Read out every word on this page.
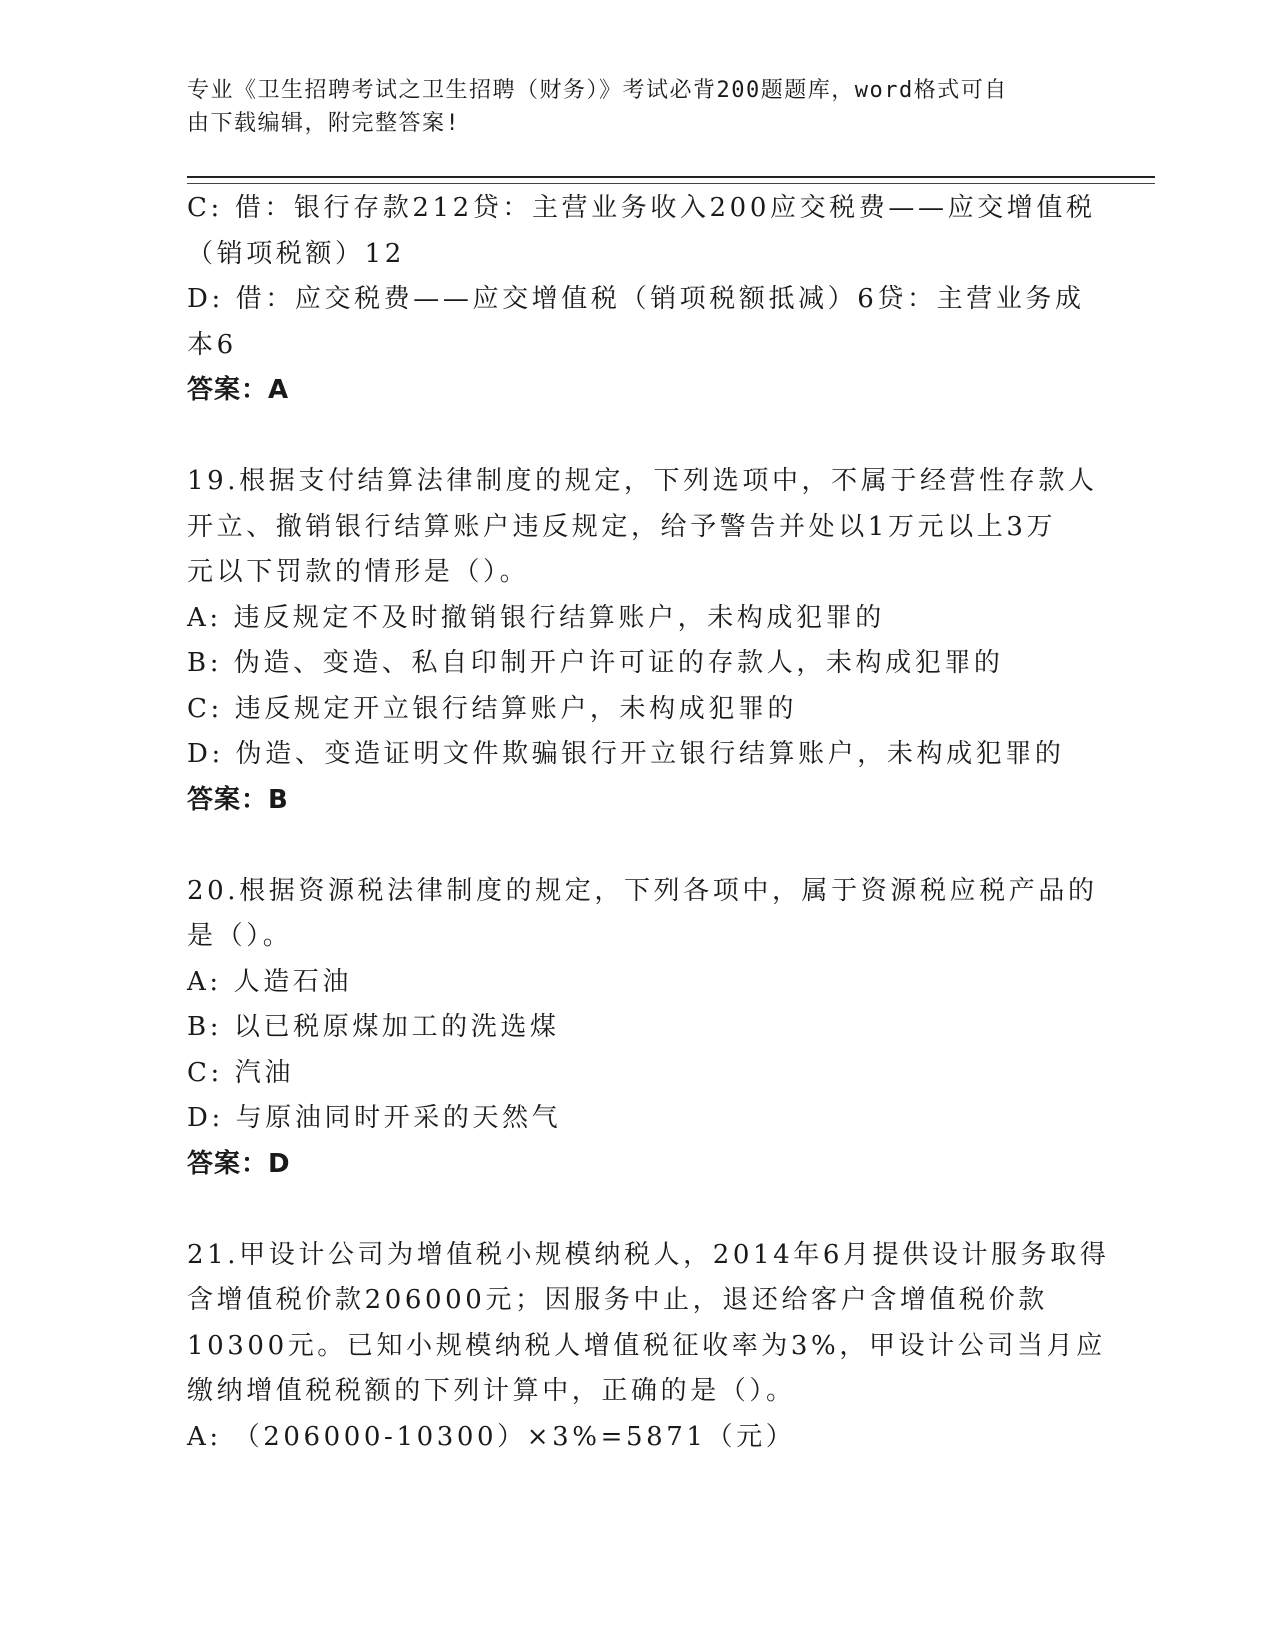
专业《卫生招聘考试之卫生招聘（财务）》考试必背200题题库，word格式可自
由下载编辑，附完整答案!
C: 借：银行存款212贷：主营业务收入200应交税费——应交增值税
（销项税额）12
D: 借：应交税费——应交增值税（销项税额抵减）6贷：主营业务成
本6
答案：A
19.根据支付结算法律制度的规定，下列选项中，不属于经营性存款人
开立、撤销银行结算账户违反规定，给予警告并处以1万元以上3万
元以下罚款的情形是（）。
A: 违反规定不及时撤销银行结算账户，未构成犯罪的
B: 伪造、变造、私自印制开户许可证的存款人，未构成犯罪的
C: 违反规定开立银行结算账户，未构成犯罪的
D: 伪造、变造证明文件欺骗银行开立银行结算账户，未构成犯罪的
答案：B
20.根据资源税法律制度的规定，下列各项中，属于资源税应税产品的
是（）。
A: 人造石油
B: 以已税原煤加工的洗选煤
C: 汽油
D: 与原油同时开采的天然气
答案：D
21.甲设计公司为增值税小规模纳税人，2014年6月提供设计服务取得
含增值税价款206000元；因服务中止，退还给客户含增值税价款
10300元。已知小规模纳税人增值税征收率为3%，甲设计公司当月应
缴纳增值税税额的下列计算中，正确的是（）。
A: （206000-10300）×3%=5871（元）
